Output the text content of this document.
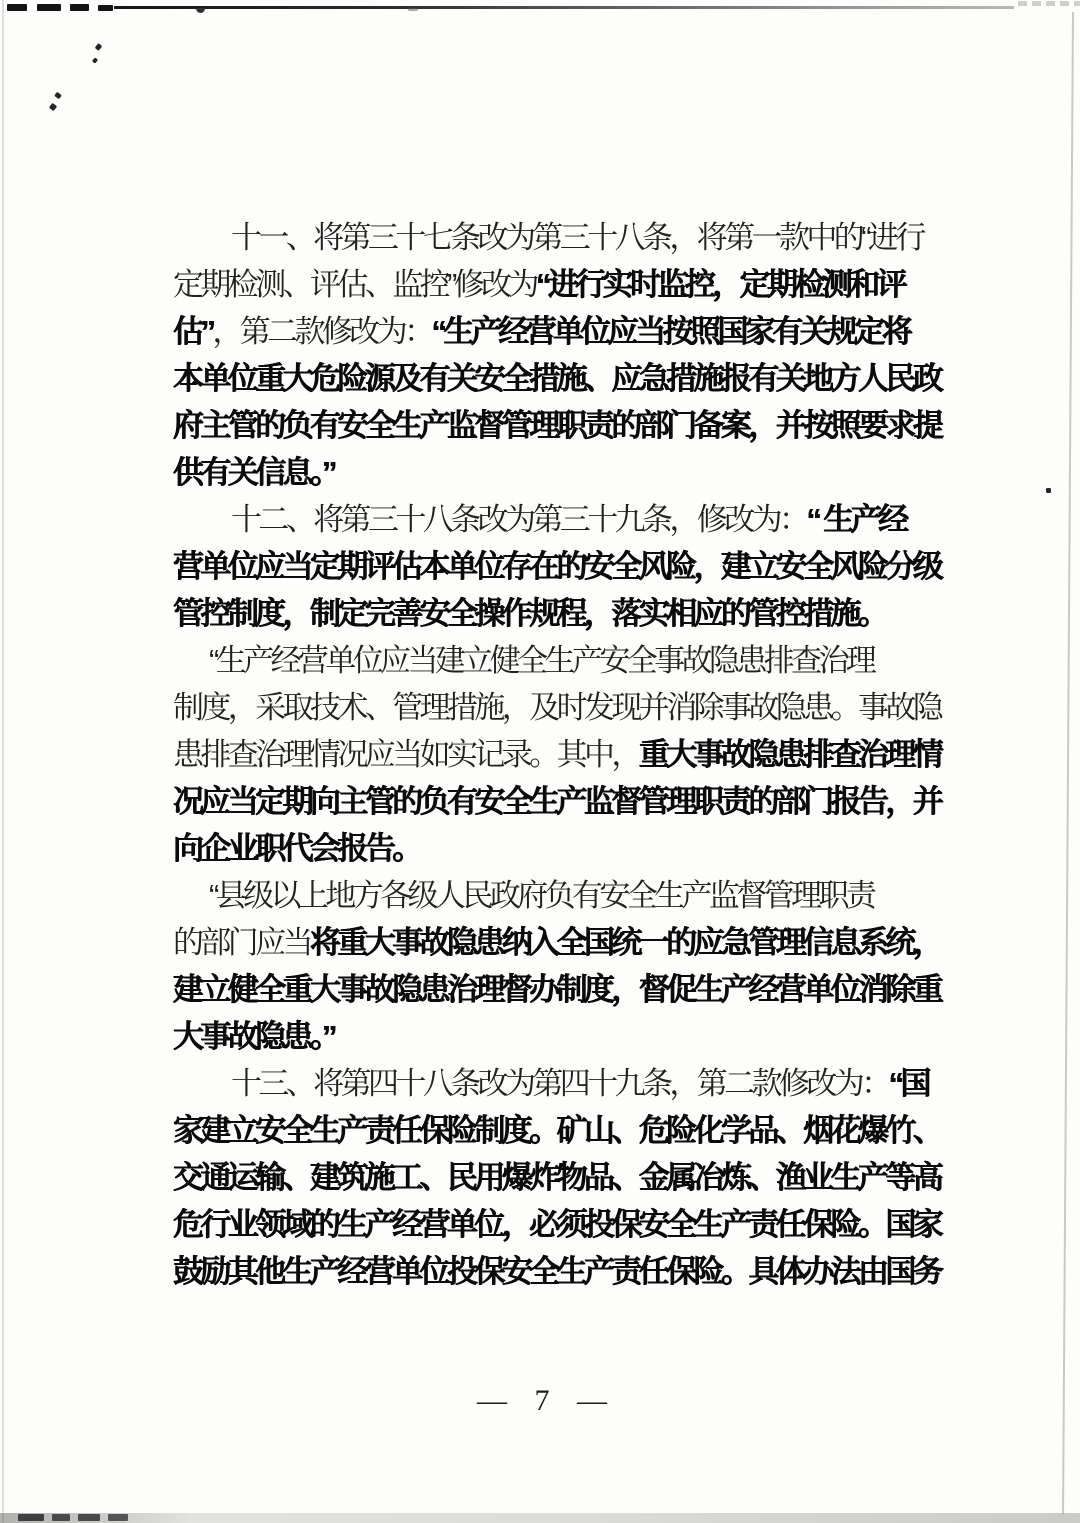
十一、将第三十七条改为第三十八条，将第一款中的“进行
定期检测、评估、监控”修改为“进行实时监控，定期检测和评
估”，第二款修改为：“生产经营单位应当按照国家有关规定将
本单位重大危险源及有关安全措施、应急措施报有关地方人民政
府主管的负有安全生产监督管理职责的部门备案，并按照要求提
供有关信息。”
十二、将第三十八条改为第三十九条，修改为：“ 生产经
营单位应当定期评估本单位存在的安全风险，建立安全风险分级
管控制度，制定完善安全操作规程，落实相应的管控措施。
“生产经营单位应当建立健全生产安全事故隐患排查治理
制度，采取技术、管理措施，及时发现并消除事故隐患。事故隐
患排查治理情况应当如实记录。其中，重大事故隐患排查治理情
况应当定期向主管的负有安全生产监督管理职责的部门报告，并
向企业职代会报告。
“县级以上地方各级人民政府负有安全生产监督管理职责
的部门应当将重大事故隐患纳入全国统一的应急管理信息系统，
建立健全重大事故隐患治理督办制度，督促生产经营单位消除重
大事故隐患。”
十三、将第四十八条改为第四十九条，第二款修改为：“国
家建立安全生产责任保险制度。矿山、危险化学品、烟花爆竹、
交通运输、建筑施工、民用爆炸物品、金属冶炼、渔业生产等高
危行业领域的生产经营单位，必须投保安全生产责任保险。国家
鼓励其他生产经营单位投保安全生产责任保险。具体办法由国务
— 7 —
